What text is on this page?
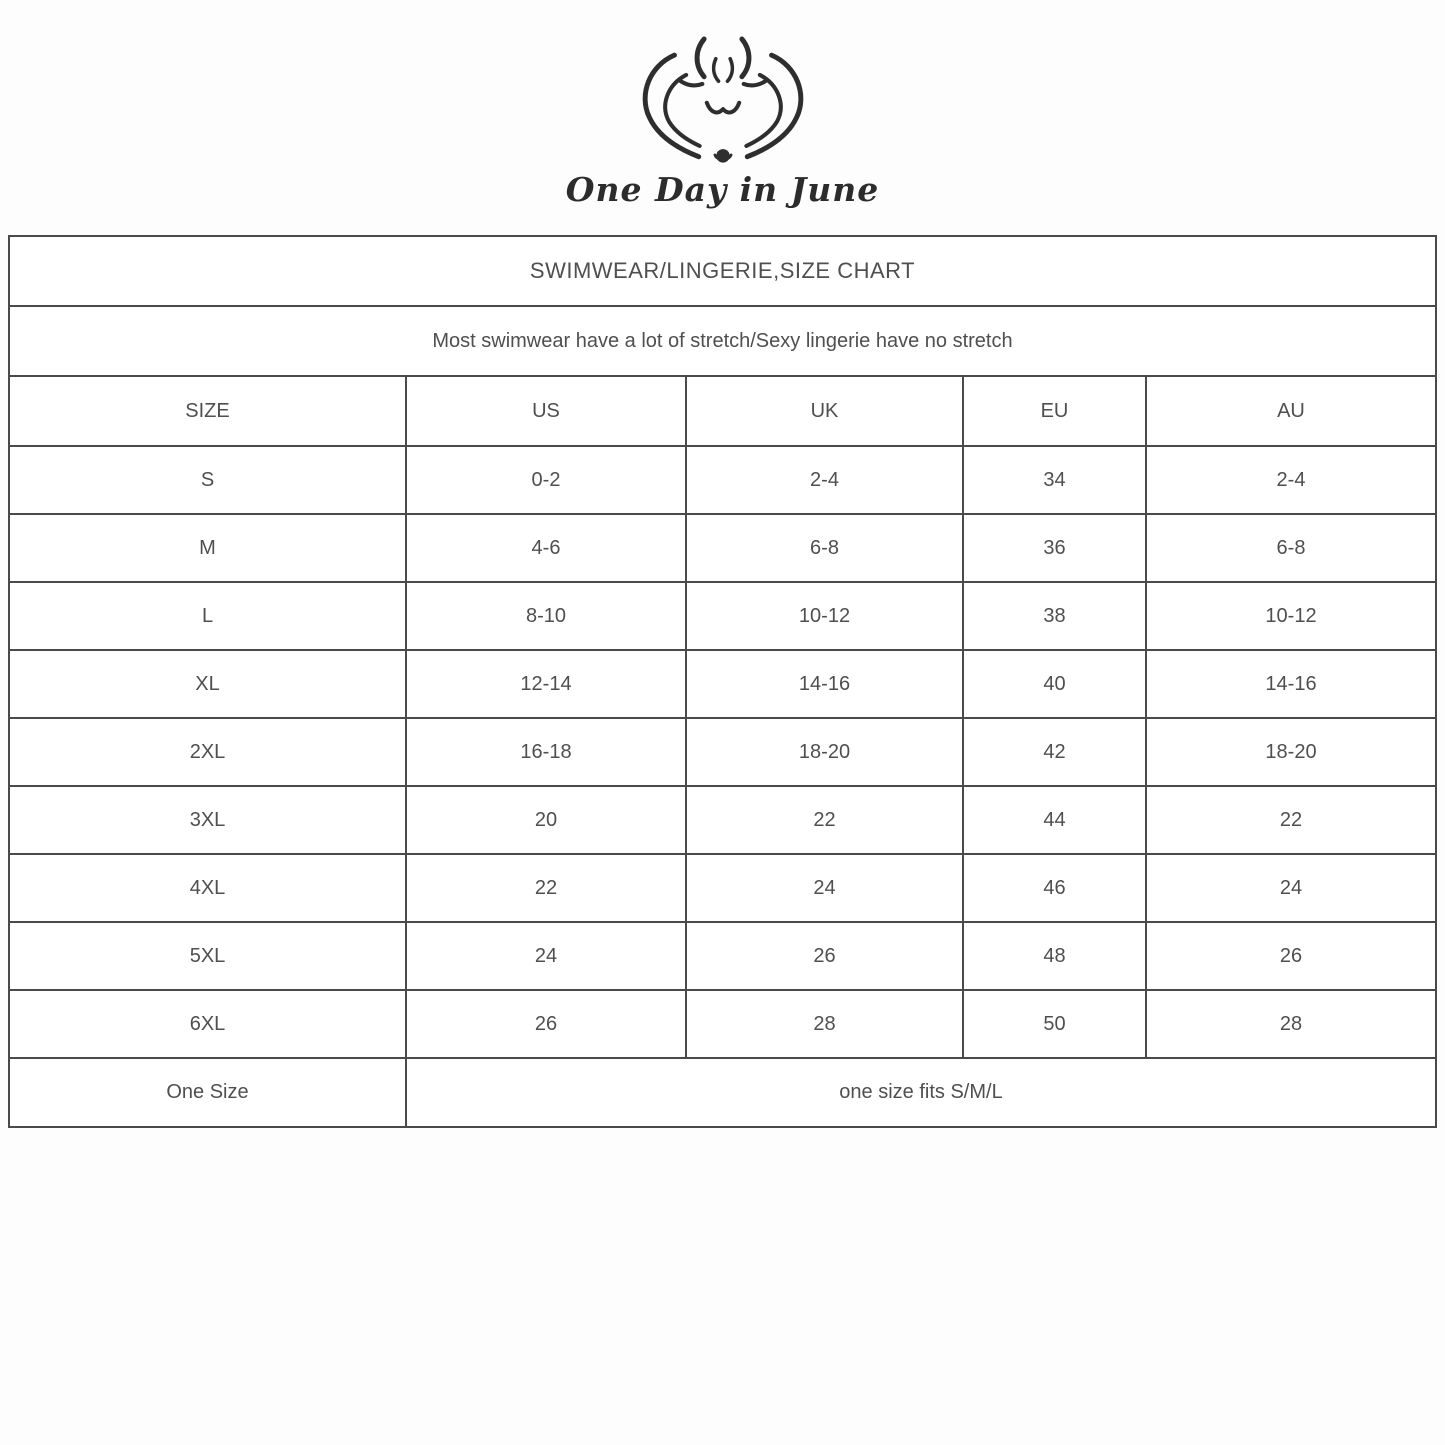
One Day in June
SWIMWEAR/LINGERIE,SIZE CHART				
Most swimwear have a lot of stretch/Sexy lingerie have no stretch				
SIZE	US	UK	EU	AU
S	0-2	2-4	34	2-4
M	4-6	6-8	36	6-8
L	8-10	10-12	38	10-12
XL	12-14	14-16	40	14-16
2XL	16-18	18-20	42	18-20
3XL	20	22	44	22
4XL	22	24	46	24
5XL	24	26	48	26
6XL	26	28	50	28
One Size	one size fits S/M/L			
